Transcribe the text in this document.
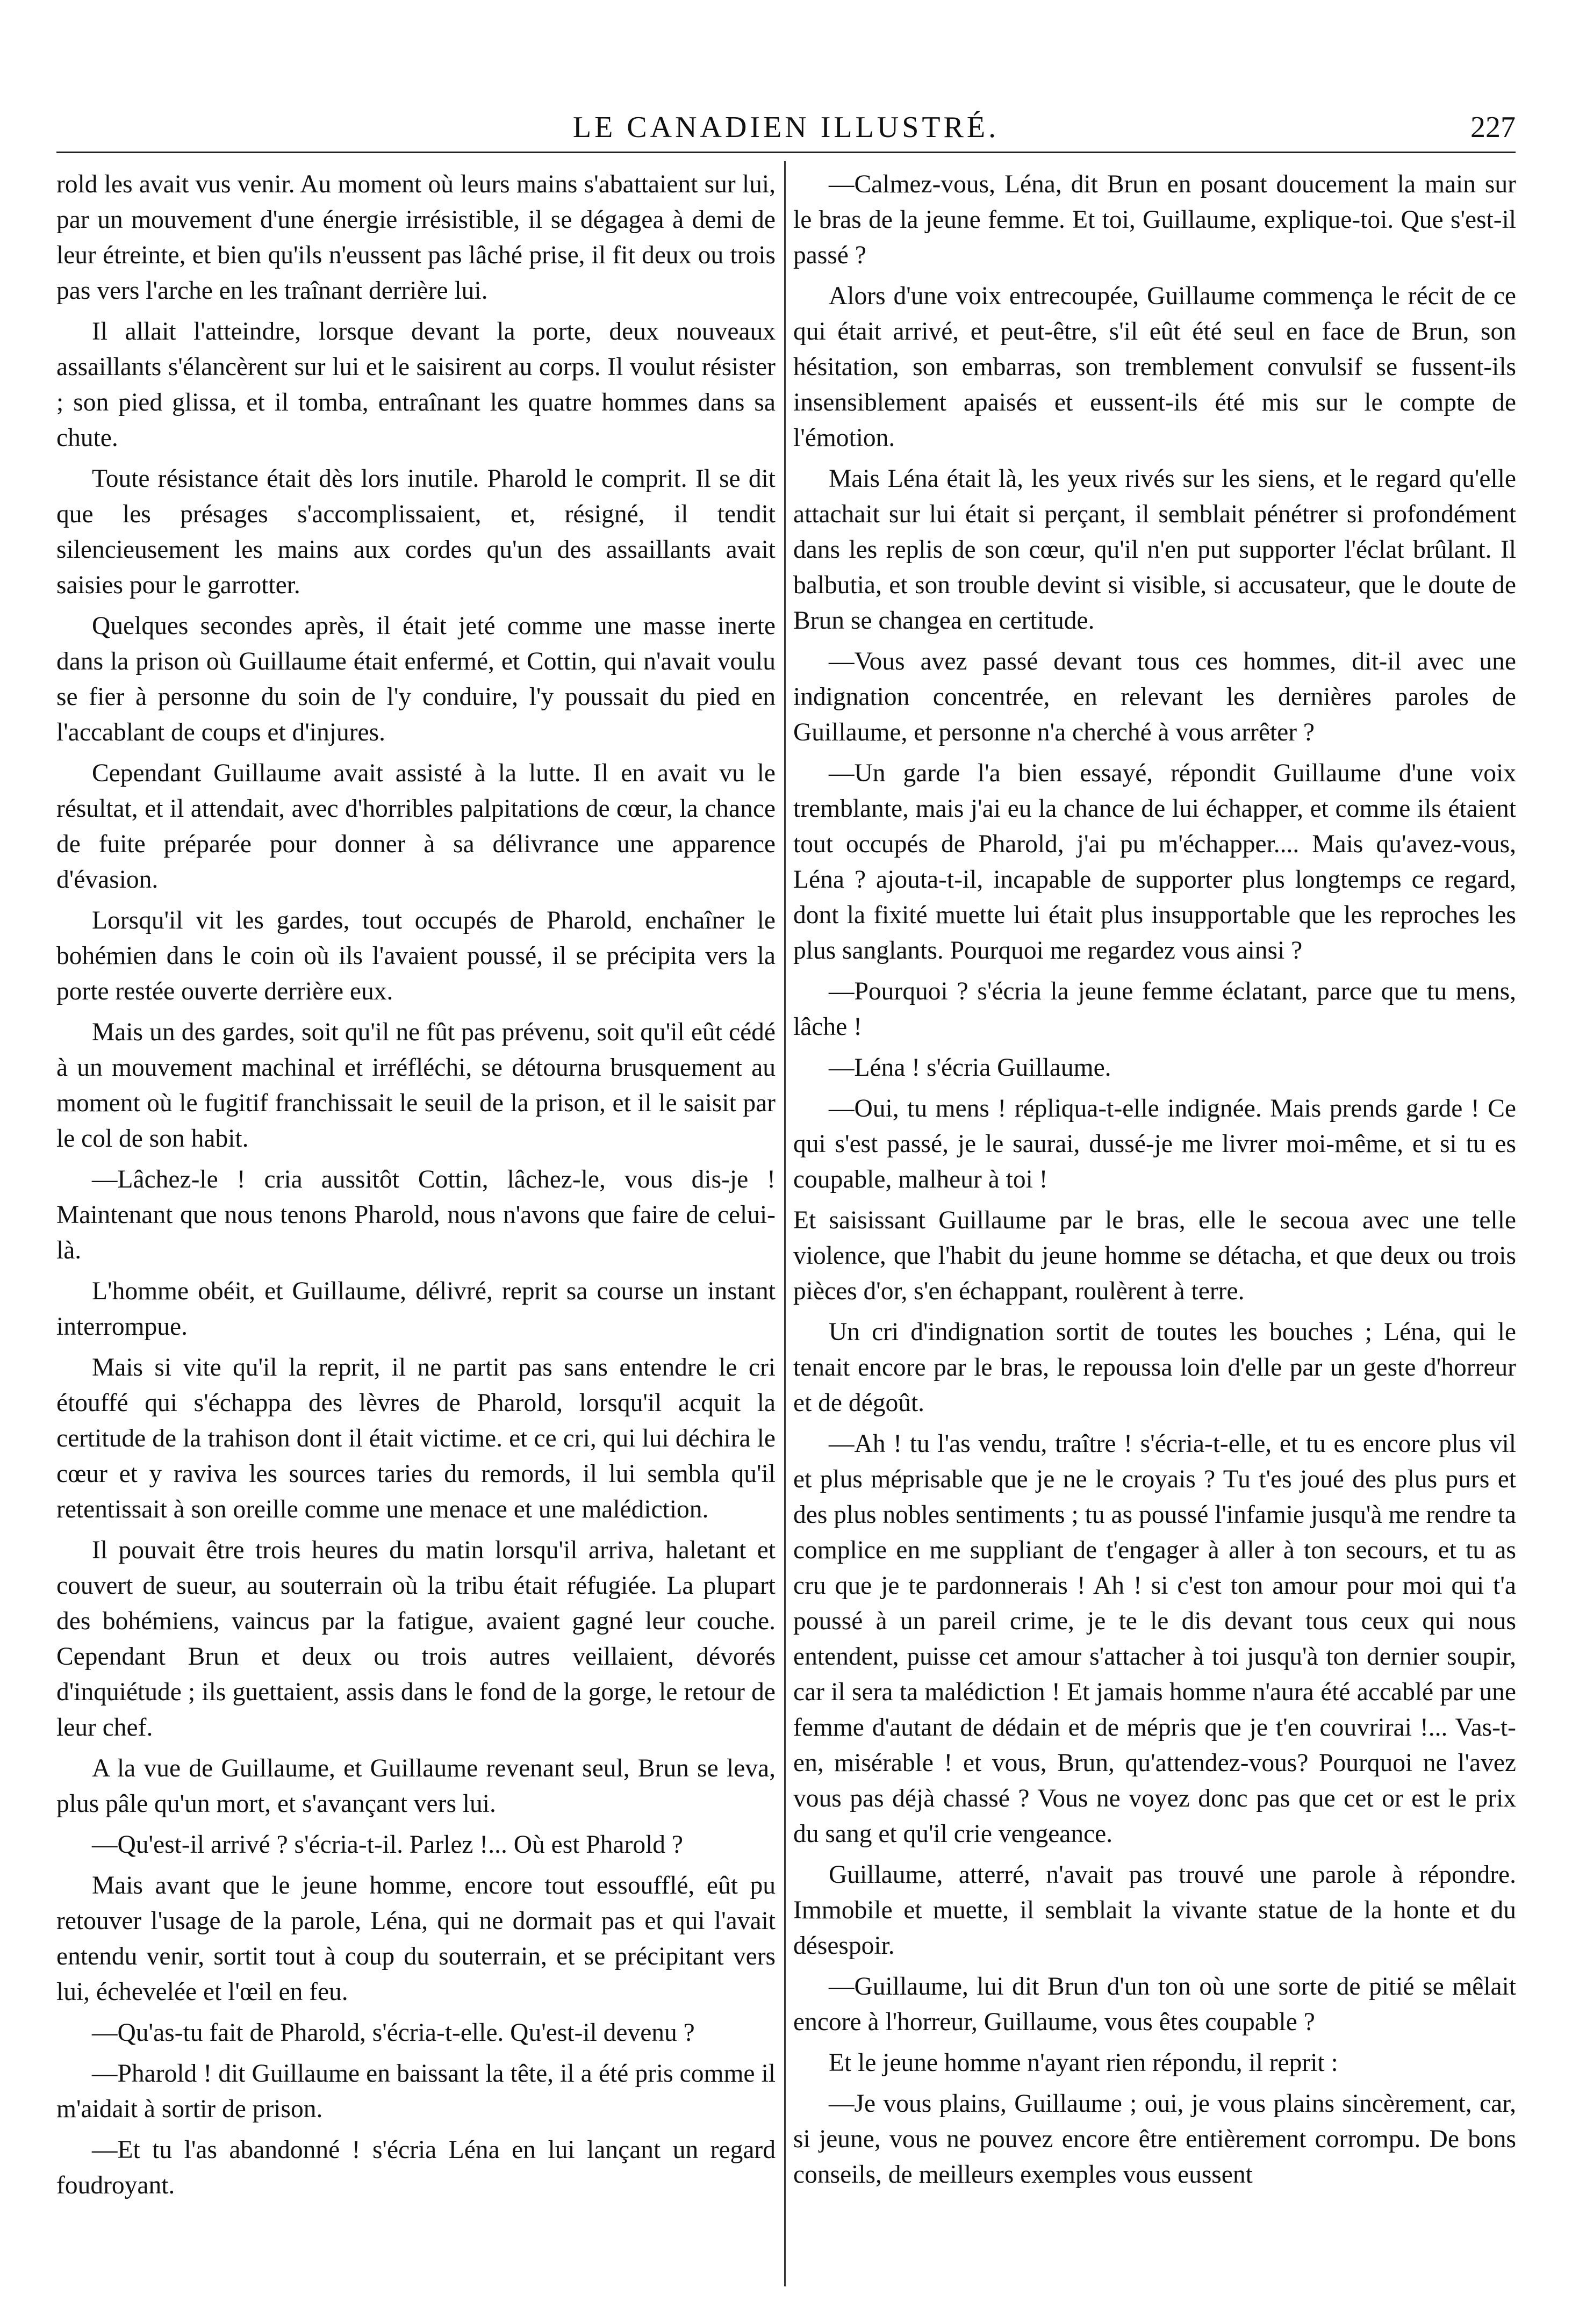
LE CANADIEN ILLUSTRÉ.	227

rold les avait vus venir. Au moment où leurs mains s'abattaient sur lui, par un mouvement d'une énergie irrésistible, il se dégagea à demi de leur étreinte, et bien qu'ils n'eussent pas lâché prise, il fit deux ou trois pas vers l'arche en les traînant derrière lui.

Il allait l'atteindre, lorsque devant la porte, deux nouveaux assaillants s'élancèrent sur lui et le saisirent au corps. Il voulut résister ; son pied glissa, et il tomba, entraînant les quatre hommes dans sa chute.

Toute résistance était dès lors inutile. Pharold le comprit. Il se dit que les présages s'accomplissaient, et, résigné, il tendit silencieusement les mains aux cordes qu'un des assaillants avait saisies pour le garrotter.

Quelques secondes après, il était jeté comme une masse inerte dans la prison où Guillaume était enfermé, et Cottin, qui n'avait voulu se fier à personne du soin de l'y conduire, l'y poussait du pied en l'accablant de coups et d'injures.

Cependant Guillaume avait assisté à la lutte. Il en avait vu le résultat, et il attendait, avec d'horribles palpitations de cœur, la chance de fuite préparée pour donner à sa délivrance une apparence d'évasion.

Lorsqu'il vit les gardes, tout occupés de Pharold, enchaîner le bohémien dans le coin où ils l'avaient poussé, il se précipita vers la porte restée ouverte derrière eux.

Mais un des gardes, soit qu'il ne fût pas prévenu, soit qu'il eût cédé à un mouvement machinal et irréfléchi, se détourna brusquement au moment où le fugitif franchissait le seuil de la prison, et il le saisit par le col de son habit.

—Lâchez-le ! cria aussitôt Cottin, lâchez-le, vous dis-je ! Maintenant que nous tenons Pharold, nous n'avons que faire de celui-là.

L'homme obéit, et Guillaume, délivré, reprit sa course un instant interrompue.

Mais si vite qu'il la reprit, il ne partit pas sans entendre le cri étouffé qui s'échappa des lèvres de Pharold, lorsqu'il acquit la certitude de la trahison dont il était victime. et ce cri, qui lui déchira le cœur et y raviva les sources taries du remords, il lui sembla qu'il retentissait à son oreille comme une menace et une malédiction.

Il pouvait être trois heures du matin lorsqu'il arriva, haletant et couvert de sueur, au souterrain où la tribu était réfugiée. La plupart des bohémiens, vaincus par la fatigue, avaient gagné leur couche. Cependant Brun et deux ou trois autres veillaient, dévorés d'inquiétude ; ils guettaient, assis dans le fond de la gorge, le retour de leur chef.

A la vue de Guillaume, et Guillaume revenant seul, Brun se leva, plus pâle qu'un mort, et s'avançant vers lui.

—Qu'est-il arrivé ? s'écria-t-il. Parlez !... Où est Pharold ?

Mais avant que le jeune homme, encore tout essoufflé, eût pu retouver l'usage de la parole, Léna, qui ne dormait pas et qui l'avait entendu venir, sortit tout à coup du souterrain, et se précipitant vers lui, échevelée et l'œil en feu.

—Qu'as-tu fait de Pharold, s'écria-t-elle. Qu'est-il devenu ?

—Pharold ! dit Guillaume en baissant la tête, il a été pris comme il m'aidait à sortir de prison.

—Et tu l'as abandonné ! s'écria Léna en lui lançant un regard foudroyant.

—Calmez-vous, Léna, dit Brun en posant doucement la main sur le bras de la jeune femme. Et toi, Guillaume, explique-toi. Que s'est-il passé ?

Alors d'une voix entrecoupée, Guillaume commença le récit de ce qui était arrivé, et peut-être, s'il eût été seul en face de Brun, son hésitation, son embarras, son tremblement convulsif se fussent-ils insensiblement apaisés et eussent-ils été mis sur le compte de l'émotion.

Mais Léna était là, les yeux rivés sur les siens, et le regard qu'elle attachait sur lui était si perçant, il semblait pénétrer si profondément dans les replis de son cœur, qu'il n'en put supporter l'éclat brûlant. Il balbutia, et son trouble devint si visible, si accusateur, que le doute de Brun se changea en certitude.

—Vous avez passé devant tous ces hommes, dit-il avec une indignation concentrée, en relevant les dernières paroles de Guillaume, et personne n'a cherché à vous arrêter ?

—Un garde l'a bien essayé, répondit Guillaume d'une voix tremblante, mais j'ai eu la chance de lui échapper, et comme ils étaient tout occupés de Pharold, j'ai pu m'échapper.... Mais qu'avez-vous, Léna ? ajouta-t-il, incapable de supporter plus longtemps ce regard, dont la fixité muette lui était plus insupportable que les reproches les plus sanglants. Pourquoi me regardez vous ainsi ?

—Pourquoi ? s'écria la jeune femme éclatant, parce que tu mens, lâche !

—Léna ! s'écria Guillaume.

—Oui, tu mens ! répliqua-t-elle indignée. Mais prends garde ! Ce qui s'est passé, je le saurai, dussé-je me livrer moi-même, et si tu es coupable, malheur à toi !

Et saisissant Guillaume par le bras, elle le secoua avec une telle violence, que l'habit du jeune homme se détacha, et que deux ou trois pièces d'or, s'en échappant, roulèrent à terre.

Un cri d'indignation sortit de toutes les bouches ; Léna, qui le tenait encore par le bras, le repoussa loin d'elle par un geste d'horreur et de dégoût.

—Ah ! tu l'as vendu, traître ! s'écria-t-elle, et tu es encore plus vil et plus méprisable que je ne le croyais ? Tu t'es joué des plus purs et des plus nobles sentiments ; tu as poussé l'infamie jusqu'à me rendre ta complice en me suppliant de t'engager à aller à ton secours, et tu as cru que je te pardonnerais ! Ah ! si c'est ton amour pour moi qui t'a poussé à un pareil crime, je te le dis devant tous ceux qui nous entendent, puisse cet amour s'attacher à toi jusqu'à ton dernier soupir, car il sera ta malédiction ! Et jamais homme n'aura été accablé par une femme d'autant de dédain et de mépris que je t'en couvrirai !... Vas-t-en, misérable ! et vous, Brun, qu'attendez-vous? Pourquoi ne l'avez vous pas déjà chassé ? Vous ne voyez donc pas que cet or est le prix du sang et qu'il crie vengeance.

Guillaume, atterré, n'avait pas trouvé une parole à répondre. Immobile et muette, il semblait la vivante statue de la honte et du désespoir.

—Guillaume, lui dit Brun d'un ton où une sorte de pitié se mêlait encore à l'horreur, Guillaume, vous êtes coupable ?

Et le jeune homme n'ayant rien répondu, il reprit :

—Je vous plains, Guillaume ; oui, je vous plains sincèrement, car, si jeune, vous ne pouvez encore être entièrement corrompu. De bons conseils, de meilleurs exemples vous eussent
